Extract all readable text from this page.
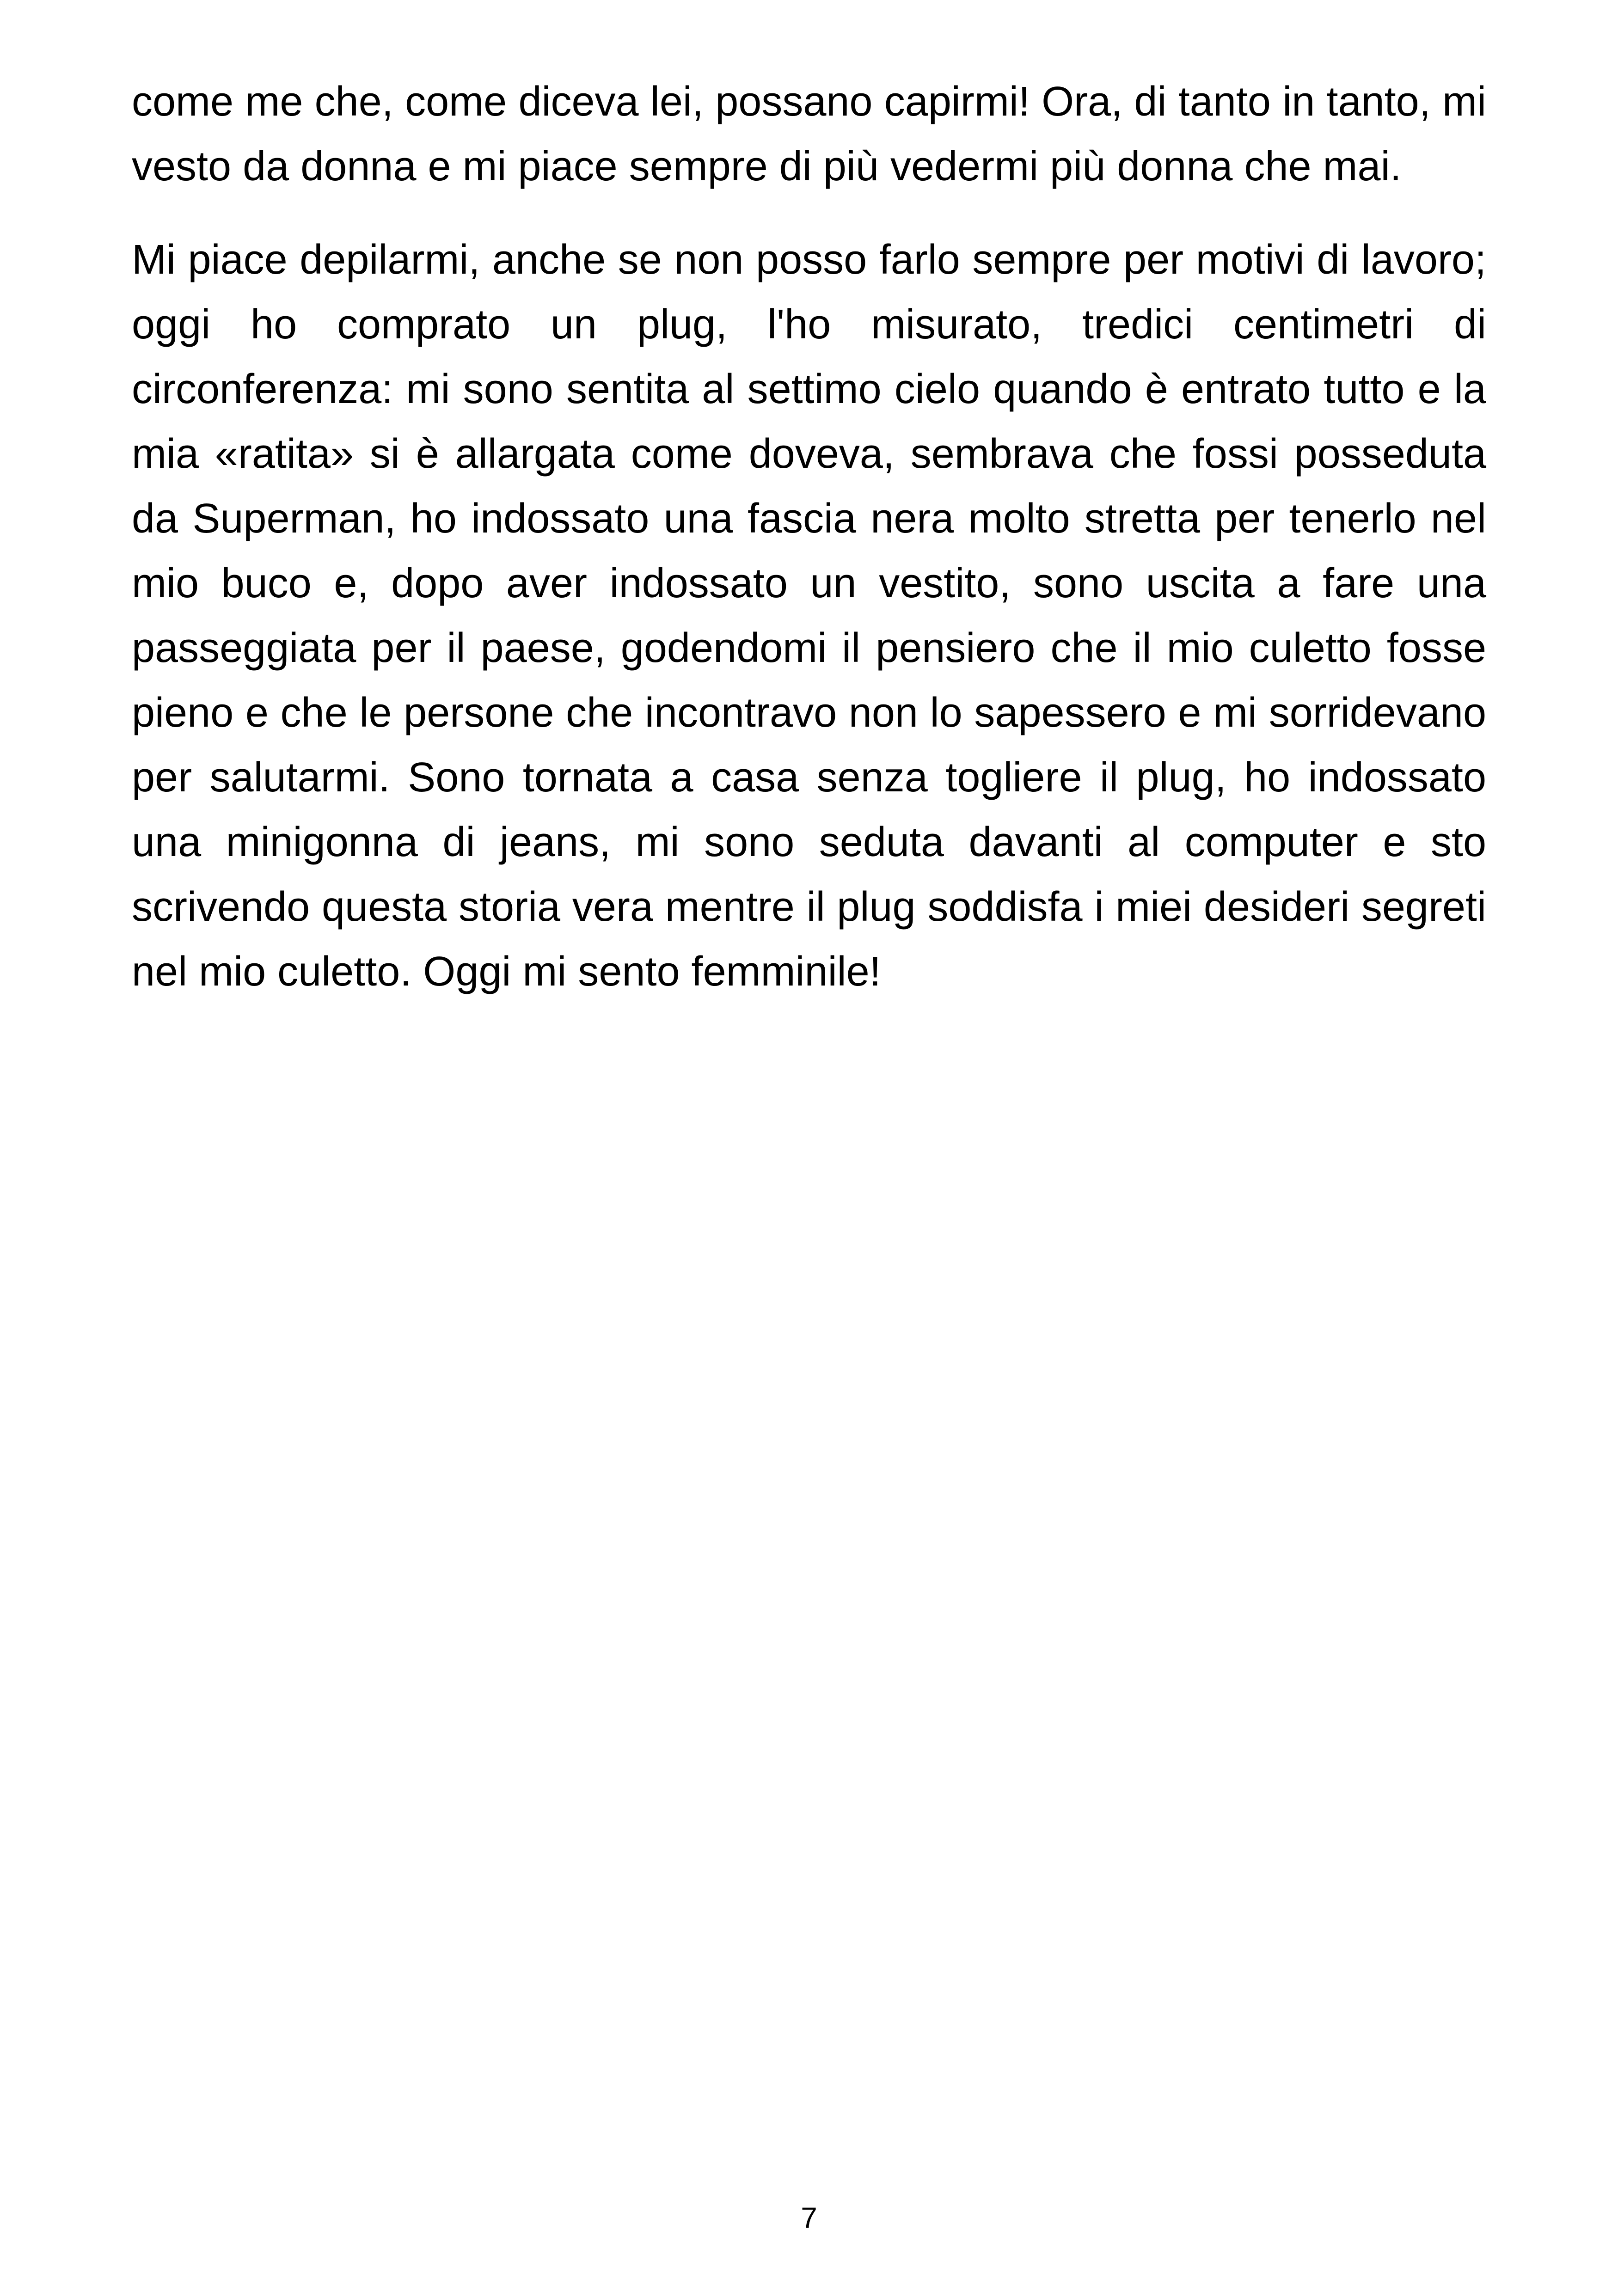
come me che, come diceva lei, possano capirmi! Ora, di tanto in tanto, mi vesto da donna e mi piace sempre di più vedermi più donna che mai.

Mi piace depilarmi, anche se non posso farlo sempre per motivi di lavoro; oggi ho comprato un plug, l'ho misurato, tredici centimetri di circonferenza: mi sono sentita al settimo cielo quando è entrato tutto e la mia «ratita» si è allargata come doveva, sembrava che fossi posseduta da Superman, ho indossato una fascia nera molto stretta per tenerlo nel mio buco e, dopo aver indossato un vestito, sono uscita a fare una passeggiata per il paese, godendomi il pensiero che il mio culetto fosse pieno e che le persone che incontravo non lo sapessero e mi sorridevano per salutarmi. Sono tornata a casa senza togliere il plug, ho indossato una minigonna di jeans, mi sono seduta davanti al computer e sto scrivendo questa storia vera mentre il plug soddisfa i miei desideri segreti nel mio culetto. Oggi mi sento femminile!

7
